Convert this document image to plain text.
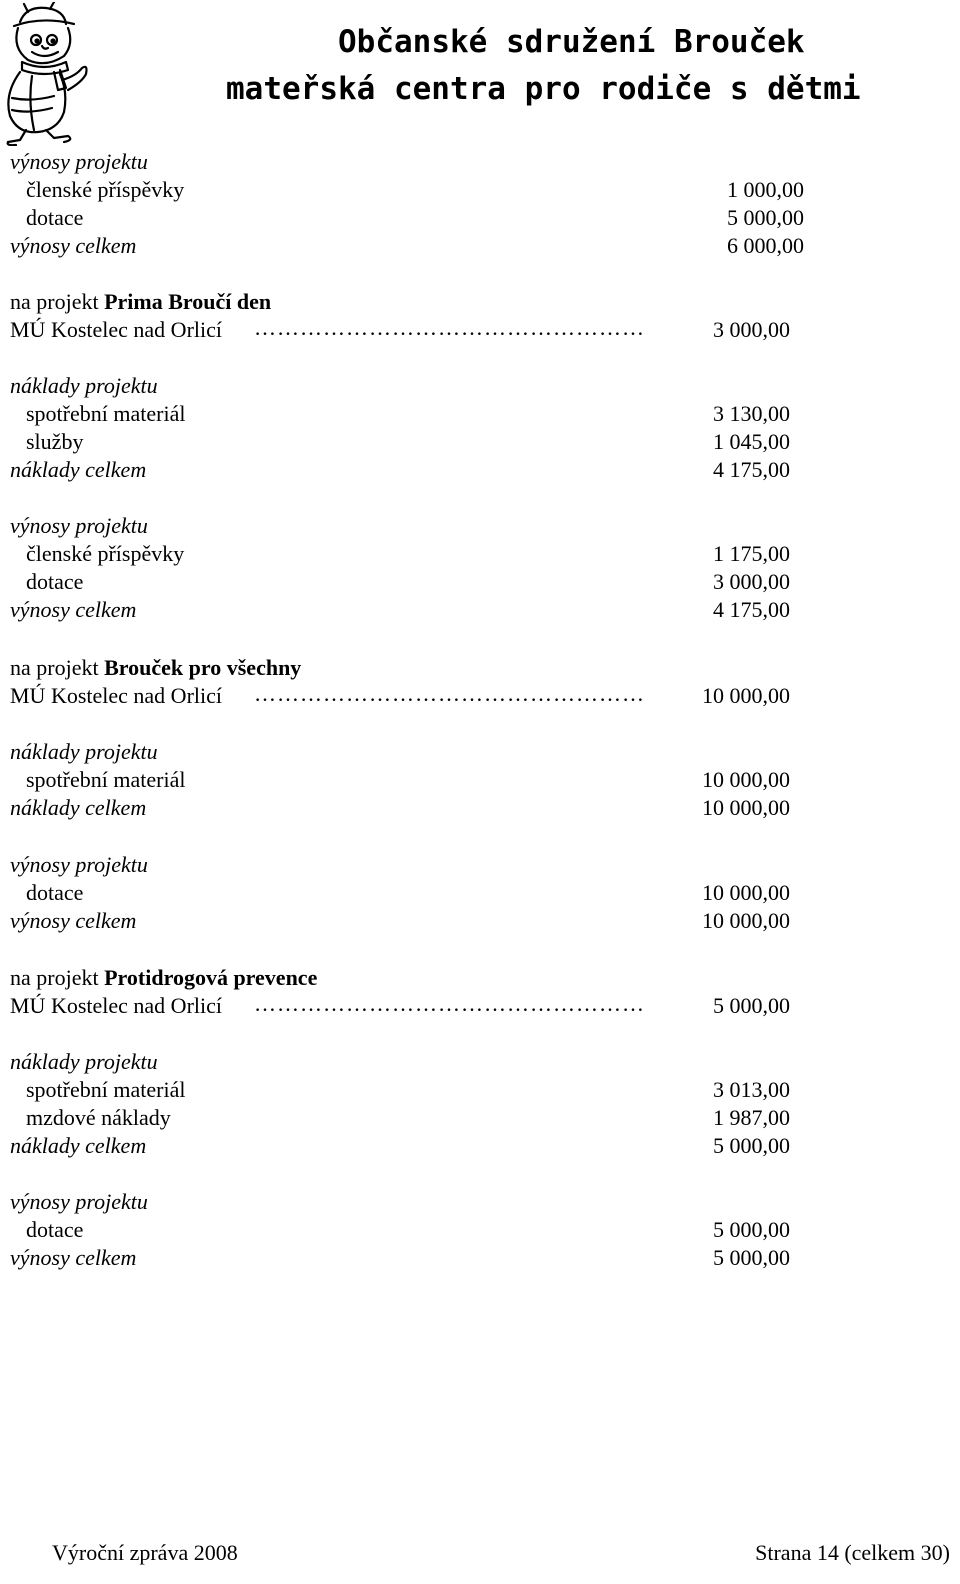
Občanské sdružení Brouček
mateřská centra pro rodiče s dětmi
výnosy projektu
členské příspěvky	1 000,00
dotace	5 000,00
výnosy celkem	6 000,00
na projekt Prima Broučí den
MÚ Kostelec nad Orlicí ……………………………………………	3 000,00
náklady projektu
spotřební materiál	3 130,00
služby	1 045,00
náklady celkem	4 175,00
výnosy projektu
členské příspěvky	1 175,00
dotace	3 000,00
výnosy celkem	4 175,00
na projekt Brouček pro všechny
MÚ Kostelec nad Orlicí ……………………………………………	10 000,00
náklady projektu
spotřební materiál	10 000,00
náklady celkem	10 000,00
výnosy projektu
dotace	10 000,00
výnosy celkem	10 000,00
na projekt Protidrogová prevence
MÚ Kostelec nad Orlicí ……………………………………………	5 000,00
náklady projektu
spotřební materiál	3 013,00
mzdové náklady	1 987,00
náklady celkem	5 000,00
výnosy projektu
dotace	5 000,00
výnosy celkem	5 000,00
Výroční zpráva 2008	Strana 14 (celkem 30)
